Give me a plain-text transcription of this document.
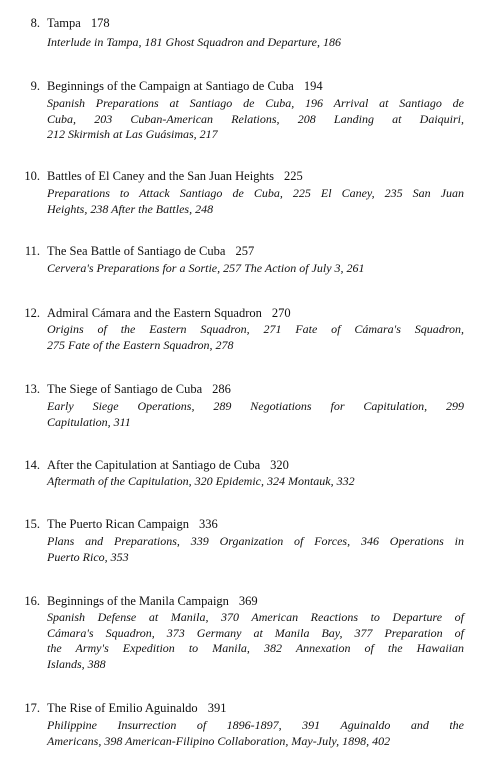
8. Tampa 178
Interlude in Tampa, 181 Ghost Squadron and Departure, 186
9. Beginnings of the Campaign at Santiago de Cuba 194
Spanish Preparations at Santiago de Cuba, 196 Arrival at Santiago de
Cuba, 203 Cuban-American Relations, 208 Landing at Daiquiri,
212 Skirmish at Las Guásimas, 217
10. Battles of El Caney and the San Juan Heights 225
Preparations to Attack Santiago de Cuba, 225 El Caney, 235 San Juan
Heights, 238 After the Battles, 248
11. The Sea Battle of Santiago de Cuba 257
Cervera's Preparations for a Sortie, 257 The Action of July 3, 261
12. Admiral Cámara and the Eastern Squadron 270
Origins of the Eastern Squadron, 271 Fate of Cámara's Squadron,
275 Fate of the Eastern Squadron, 278
13. The Siege of Santiago de Cuba 286
Early Siege Operations, 289 Negotiations for Capitulation, 299
Capitulation, 311
14. After the Capitulation at Santiago de Cuba 320
Aftermath of the Capitulation, 320 Epidemic, 324 Montauk, 332
15. The Puerto Rican Campaign 336
Plans and Preparations, 339 Organization of Forces, 346 Operations in
Puerto Rico, 353
16. Beginnings of the Manila Campaign 369
Spanish Defense at Manila, 370 American Reactions to Departure of
Cámara's Squadron, 373 Germany at Manila Bay, 377 Preparation of
the Army's Expedition to Manila, 382 Annexation of the Hawaiian
Islands, 388
17. The Rise of Emilio Aguinaldo 391
Philippine Insurrection of 1896-1897, 391 Aguinaldo and the
Americans, 398 American-Filipino Collaboration, May-July, 1898, 402
